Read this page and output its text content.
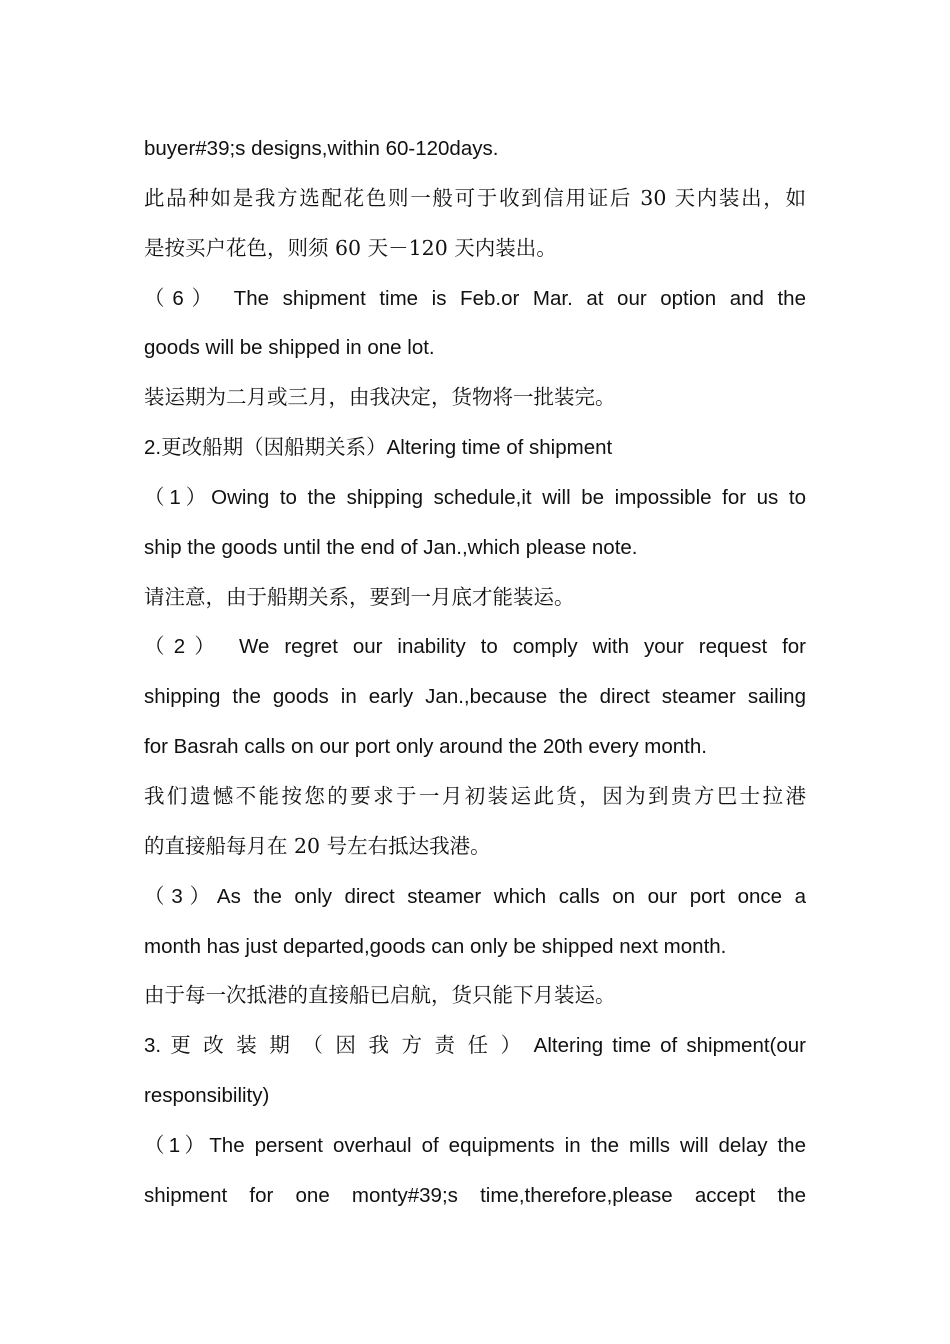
buyer#39;s designs,within 60-120days.
此品种如是我方选配花色则一般可于收到信用证后 30 天内装出，如
是按买户花色，则须 60 天－120 天内装出。
（6） The shipment time is Feb.or Mar. at our option and the
goods will be shipped in one lot.
装运期为二月或三月，由我决定，货物将一批装完。
2.更改船期（因船期关系）Altering time of shipment
（1）Owing to the shipping schedule,it will be impossible for us to
ship the goods until the end of Jan.,which please note.
请注意，由于船期关系，要到一月底才能装运。
（2） We regret our inability to comply with your request for
shipping the goods in early Jan.,because the direct steamer sailing
for Basrah calls on our port only around the 20th every month.
我们遗憾不能按您的要求于一月初装运此货，因为到贵方巴士拉港
的直接船每月在 20 号左右抵达我港。
（3）As the only direct steamer which calls on our port once a
month has just departed,goods can only be shipped next month.
由于每一次抵港的直接船已启航，货只能下月装运。
3. 更 改 装 期 （ 因 我 方 责 任 ） Altering time of shipment(our
responsibility)
（1）The persent overhaul of equipments in the mills will delay the
shipment for one monty#39;s time,therefore,please accept the
